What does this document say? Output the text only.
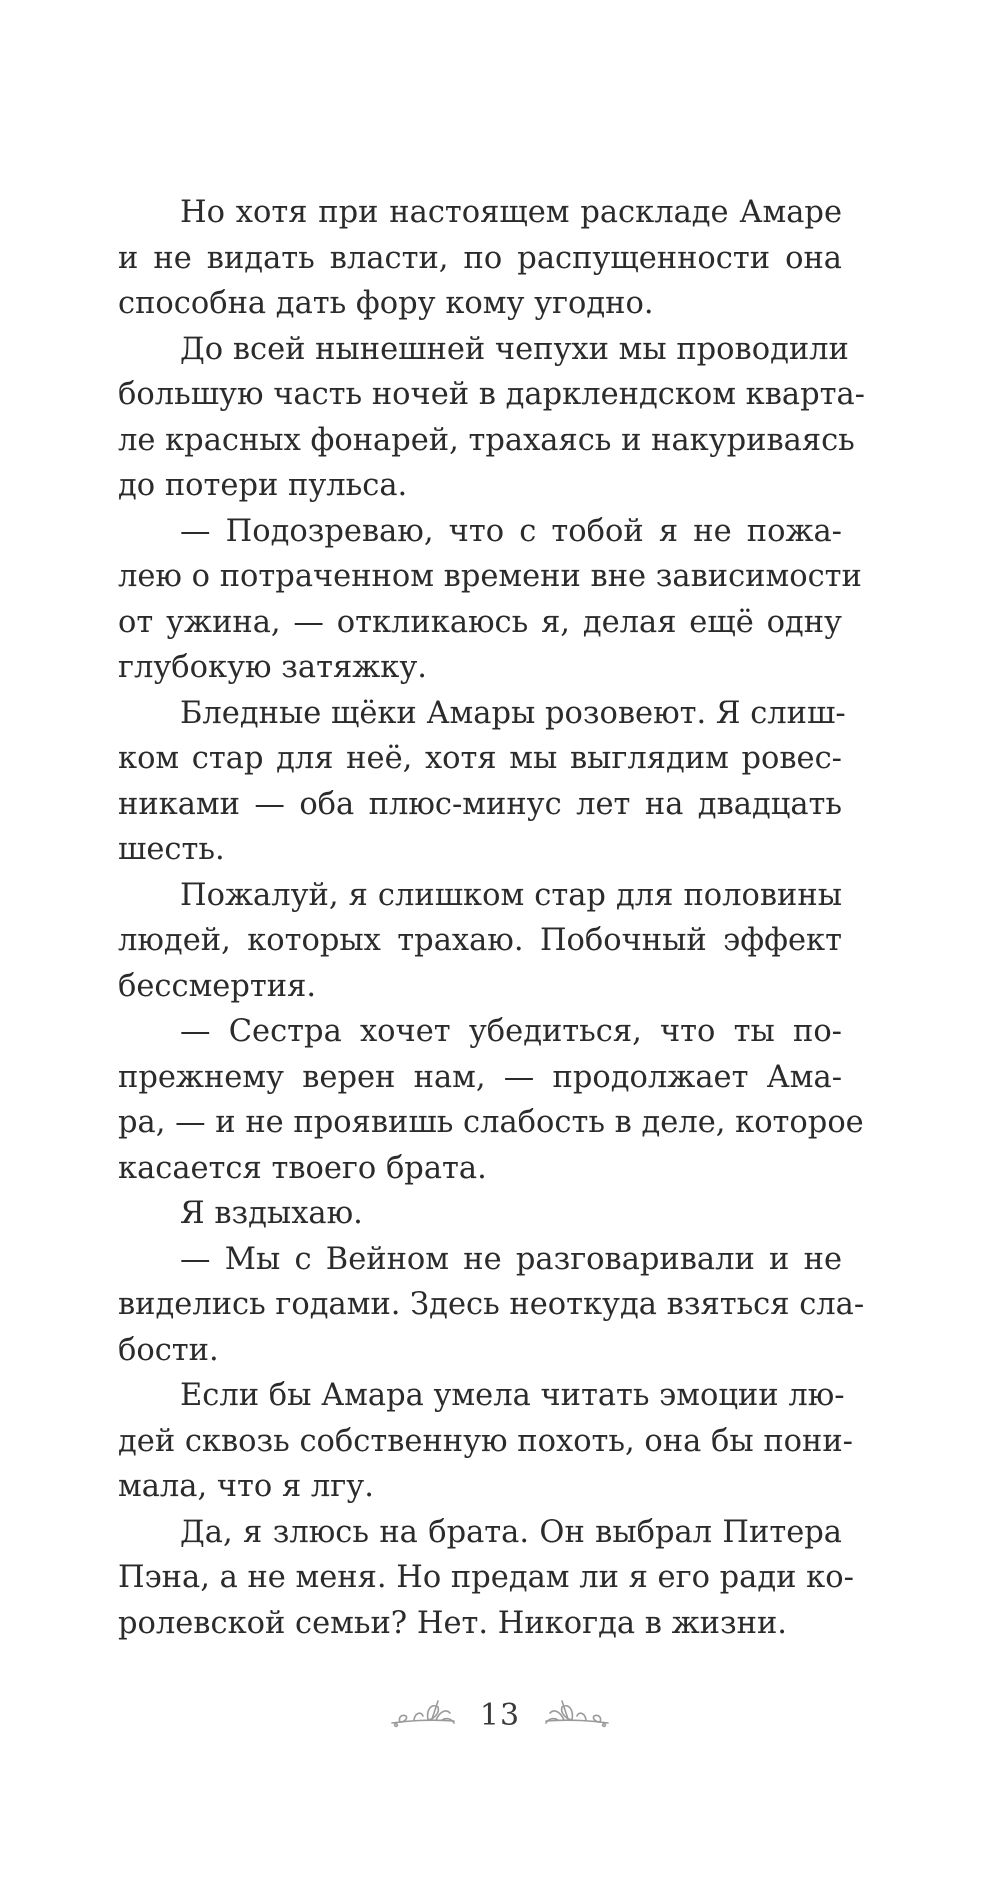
Но хотя при настоящем раскладе Амаре
и не видать власти, по распущенности она
способна дать фору кому угодно.
До всей нынешней чепухи мы проводили
большую часть ночей в дарклендском кварта-
ле красных фонарей, трахаясь и накуриваясь
до потери пульса.
— Подозреваю, что с тобой я не пожа-
лею о потраченном времени вне зависимости
от ужина, — откликаюсь я, делая ещё одну
глубокую затяжку.
Бледные щёки Амары розовеют. Я слиш-
ком стар для неё, хотя мы выглядим ровес-
никами — оба плюс-минус лет на двадцать
шесть.
Пожалуй, я слишком стар для половины
людей, которых трахаю. Побочный эффект
бессмертия.
— Сестра хочет убедиться, что ты по-
прежнему верен нам, — продолжает Ама-
ра, — и не проявишь слабость в деле, которое
касается твоего брата.
Я вздыхаю.
— Мы с Вейном не разговаривали и не
виделись годами. Здесь неоткуда взяться сла-
бости.
Если бы Амара умела читать эмоции лю-
дей сквозь собственную похоть, она бы пони-
мала, что я лгу.
Да, я злюсь на брата. Он выбрал Питера
Пэна, а не меня. Но предам ли я его ради ко-
ролевской семьи? Нет. Никогда в жизни.
13
